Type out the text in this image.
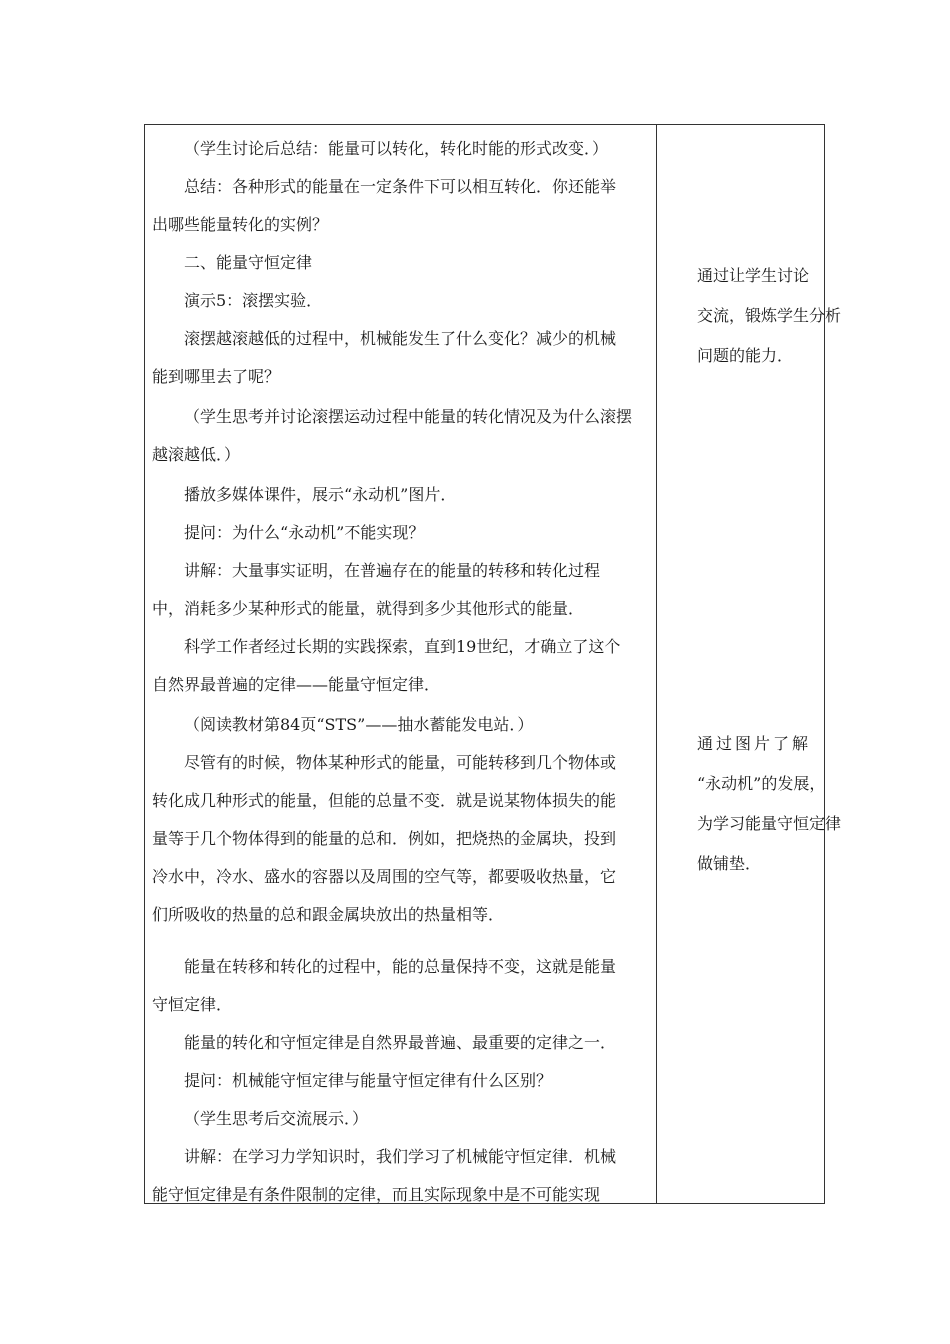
（学生讨论后总结：能量可以转化，转化时能的形式改变．）

总结：各种形式的能量在一定条件下可以相互转化．你还能举
出哪些能量转化的实例？

二、能量守恒定律

演示5：滚摆实验．

滚摆越滚越低的过程中，机械能发生了什么变化？减少的机械
能到哪里去了呢？

（学生思考并讨论滚摆运动过程中能量的转化情况及为什么滚摆
越滚越低．）

播放多媒体课件，展示“永动机”图片．

提问：为什么“永动机”不能实现？

讲解：大量事实证明，在普遍存在的能量的转移和转化过程
中，消耗多少某种形式的能量，就得到多少其他形式的能量．

科学工作者经过长期的实践探索，直到19世纪，才确立了这个
自然界最普遍的定律——能量守恒定律．

（阅读教材第84页“STS”——抽水蓄能发电站．）

尽管有的时候，物体某种形式的能量，可能转移到几个物体或
转化成几种形式的能量，但能的总量不变．就是说某物体损失的能
量等于几个物体得到的能量的总和．例如，把烧热的金属块，投到
冷水中，冷水、盛水的容器以及周围的空气等，都要吸收热量，它
们所吸收的热量的总和跟金属块放出的热量相等．

能量在转移和转化的过程中，能的总量保持不变，这就是能量
守恒定律．

能量的转化和守恒定律是自然界最普遍、最重要的定律之一．

提问：机械能守恒定律与能量守恒定律有什么区别？

（学生思考后交流展示．）

讲解：在学习力学知识时，我们学习了机械能守恒定律．机械
能守恒定律是有条件限制的定律，而且实际现象中是不可能实现

通过让学生讨论
交流，锻炼学生分析
问题的能力．

通过图片了解
“永动机”的发展，
为学习能量守恒定律
做铺垫．
